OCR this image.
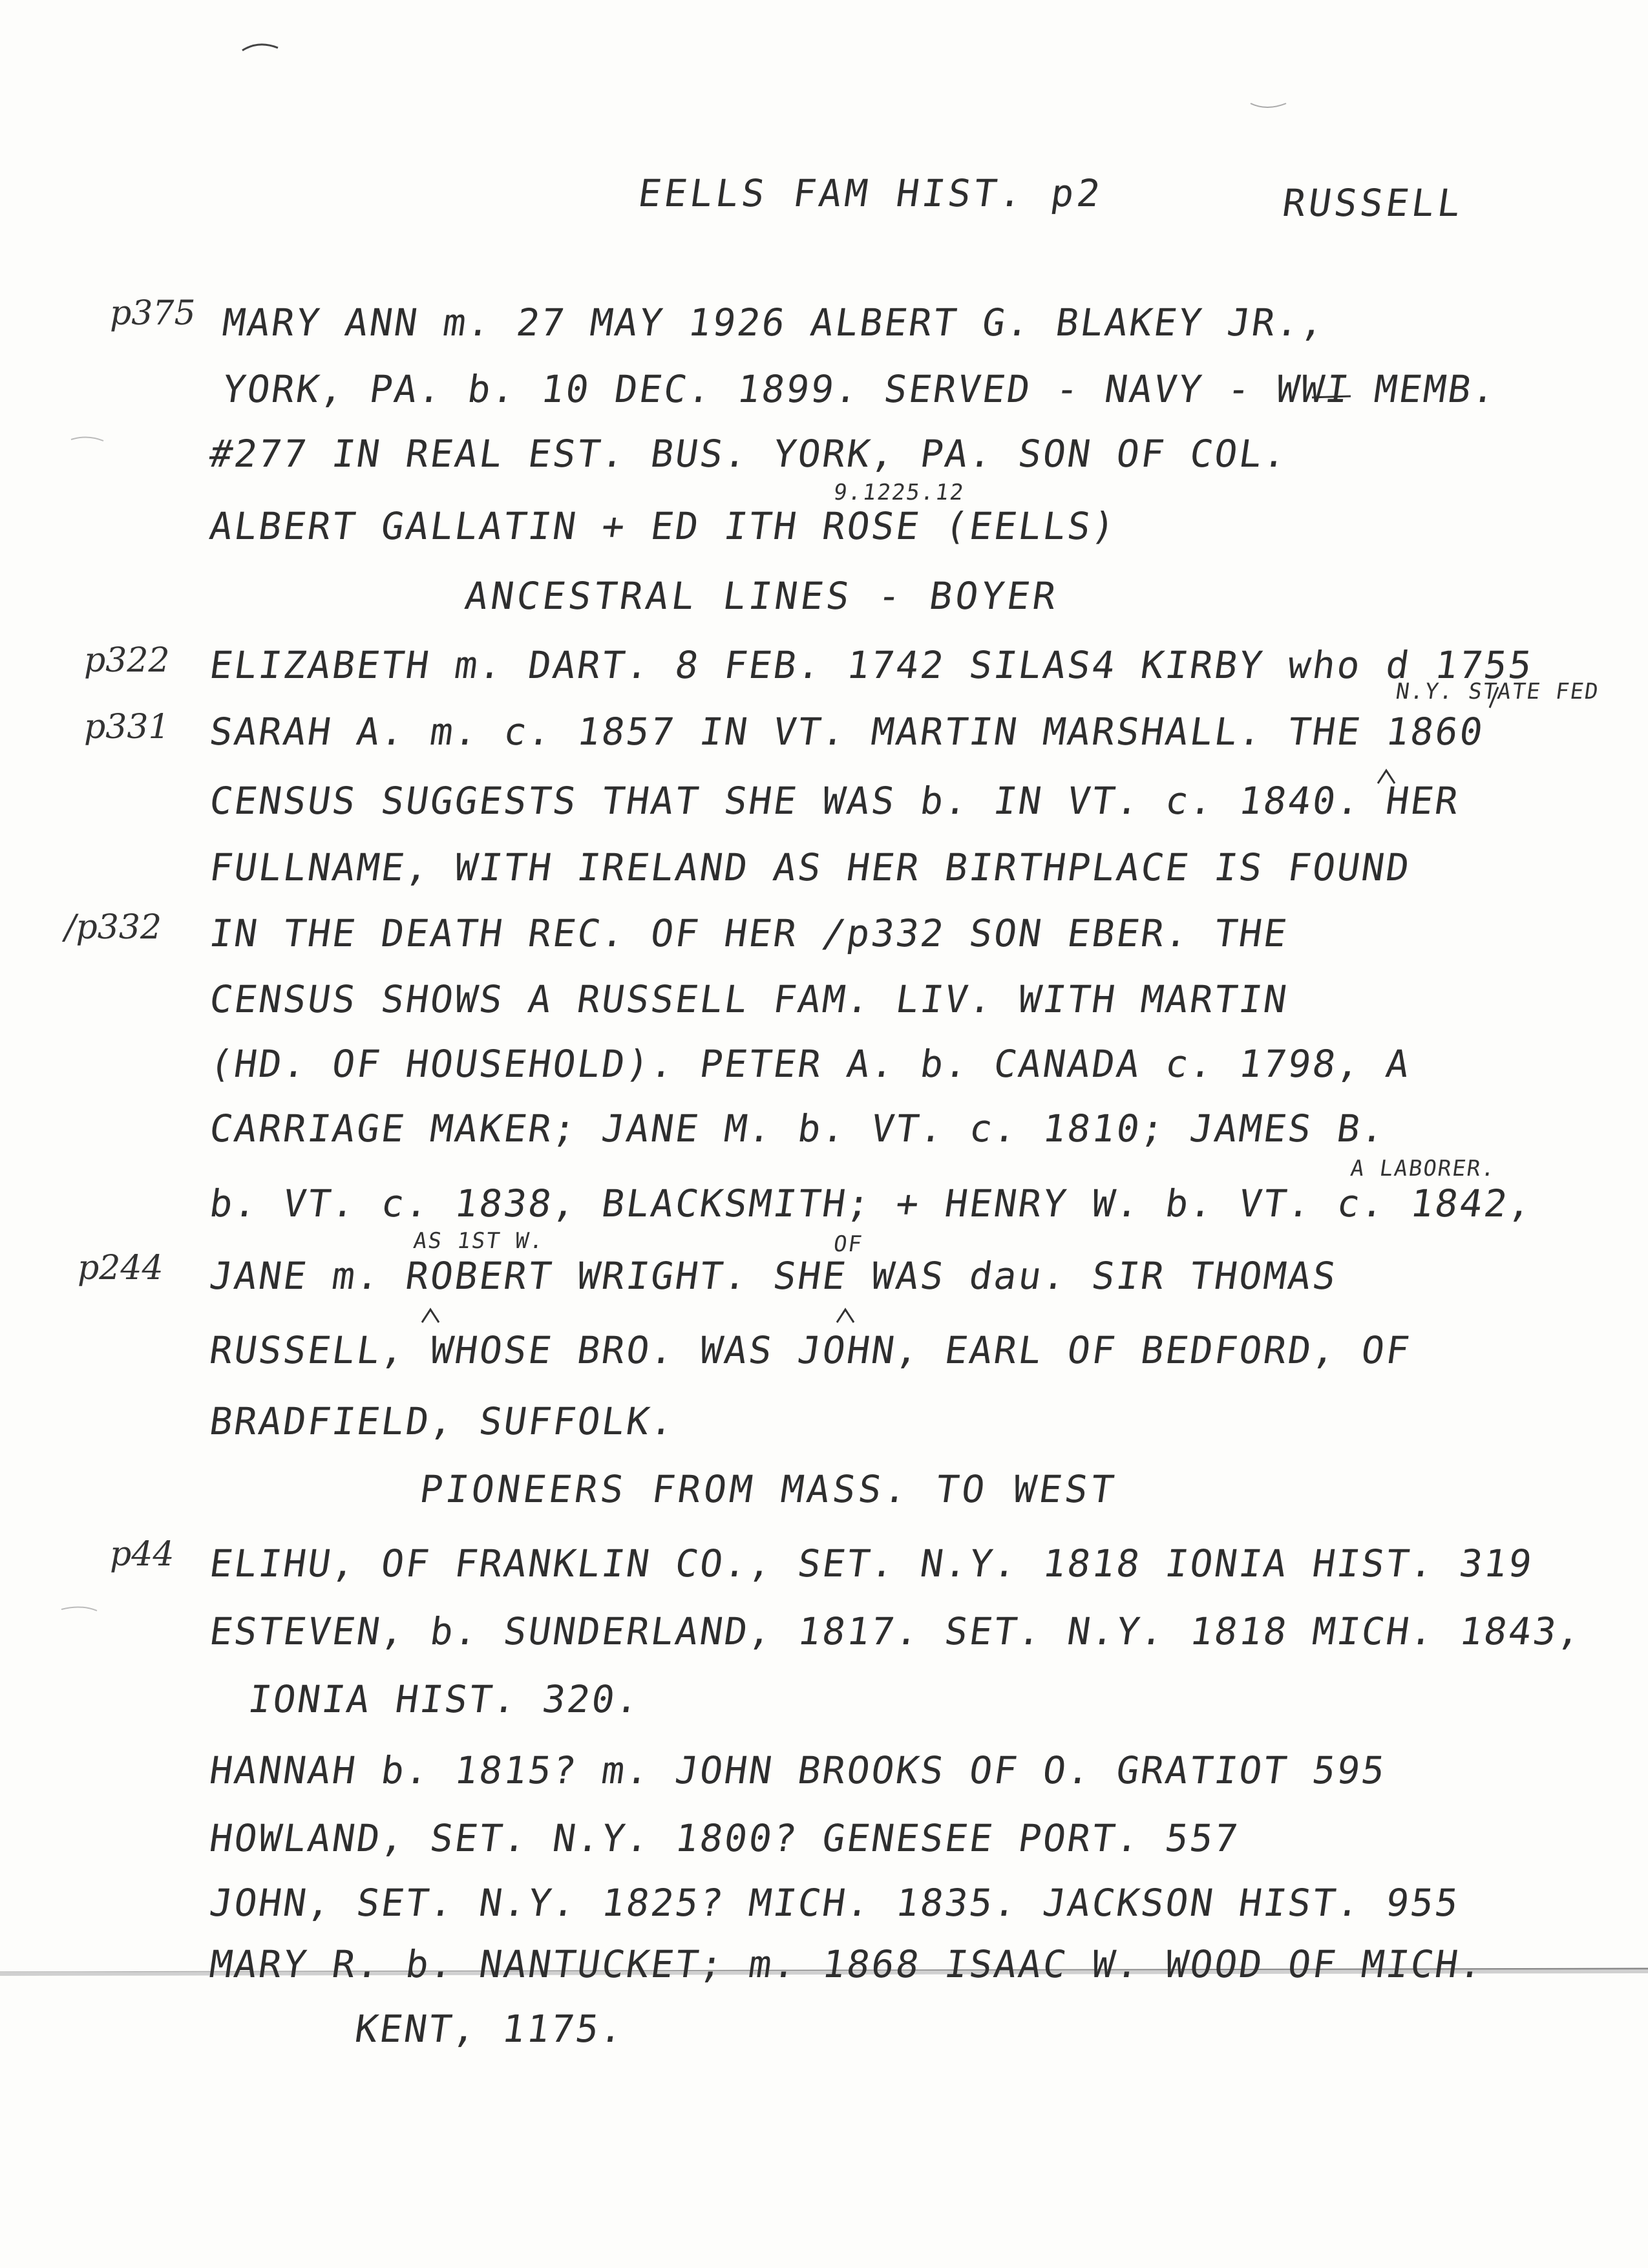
EELLS FAM HIST. p2	RUSSELL
p375 MARY ANN m. 27 MAY 1926 ALBERT G. BLAKEY JR.,
YORK, PA. b. 10 DEC. 1899. SERVED - NAVY - WWI MEMB.
#277 IN REAL EST. BUS. YORK, PA. SON OF COL.
9.1225.12
ALBERT GALLATIN + ED ITH ROSE (EELLS)
ANCESTRAL LINES - BOYER
p322 ELIZABETH m. DART. 8 FEB. 1742 SILAS4 KIRBY who d 1755
N.Y. STATE FED
p331 SARAH A. m. c. 1857 IN VT. MARTIN MARSHALL. THE 1860
CENSUS SUGGESTS THAT SHE WAS b. IN VT. c. 1840. HER
FULLNAME, WITH IRELAND AS HER BIRTHPLACE IS FOUND
/p332 IN THE DEATH REC. OF HER /p332 SON EBER. THE
CENSUS SHOWS A RUSSELL FAM. LIV. WITH MARTIN
(HD. OF HOUSEHOLD). PETER A. b. CANADA c. 1798, A
CARRIAGE MAKER; JANE M. b. VT. c. 1810; JAMES B.
A LABORER.
b. VT. c. 1838, BLACKSMITH; + HENRY W. b. VT. c. 1842,
AS 1ST W.	OF
p244 JANE m. ROBERT WRIGHT. SHE WAS dau. SIR THOMAS
RUSSELL, WHOSE BRO. WAS JOHN, EARL OF BEDFORD, OF
BRADFIELD, SUFFOLK.
PIONEERS FROM MASS. TO WEST
p44 ELIHU, OF FRANKLIN CO., SET. N.Y. 1818 IONIA HIST. 319
ESTEVEN, b. SUNDERLAND, 1817. SET. N.Y. 1818 MICH. 1843,
IONIA HIST. 320.
HANNAH b. 1815? m. JOHN BROOKS OF O. GRATIOT 595
HOWLAND, SET. N.Y. 1800? GENESEE PORT. 557
JOHN, SET. N.Y. 1825? MICH. 1835. JACKSON HIST. 955
MARY R. b. NANTUCKET; m. 1868 ISAAC W. WOOD OF MICH.
KENT, 1175.
